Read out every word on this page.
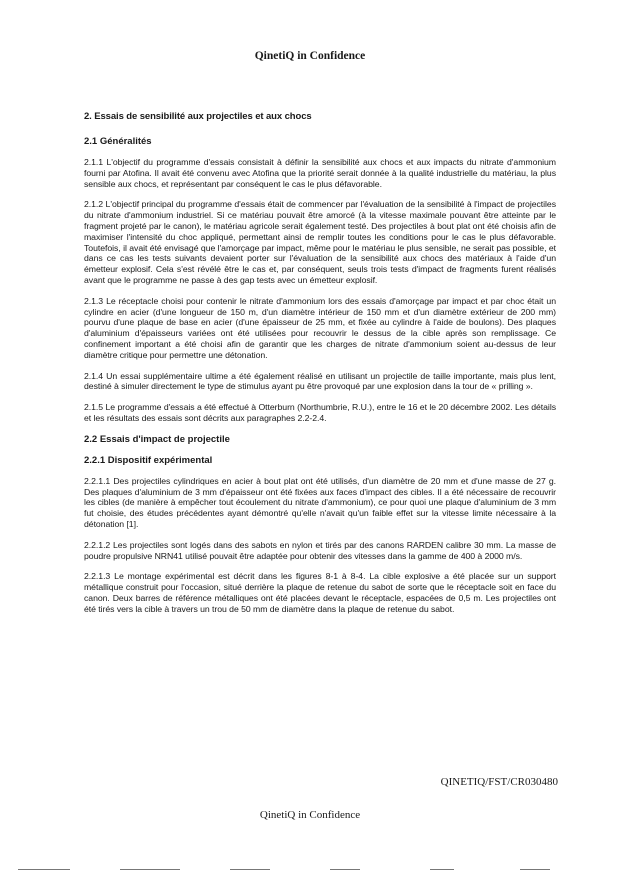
QinetiQ in Confidence
2. Essais de sensibilité aux projectiles et aux chocs
2.1 Généralités

2.1.1 L'objectif du programme d'essais consistait à définir la sensibilité aux chocs et aux impacts du nitrate d'ammonium fourni par Atofina. Il avait été convenu avec Atofina que la priorité serait donnée à la qualité industrielle du matériau, la plus sensible aux chocs, et représentant par conséquent le cas le plus défavorable.

2.1.2 L'objectif principal du programme d'essais était de commencer par l'évaluation de la sensibilité à l'impact de projectiles du nitrate d'ammonium industriel. Si ce matériau pouvait être amorcé (à la vitesse maximale pouvant être atteinte par le fragment projeté par le canon), le matériau agricole serait également testé. Des projectiles à bout plat ont été choisis afin de maximiser l'intensité du choc appliqué, permettant ainsi de remplir toutes les conditions pour le cas le plus défavorable. Toutefois, il avait été envisagé que l'amorçage par impact, même pour le matériau le plus sensible, ne serait pas possible, et dans ce cas les tests suivants devaient porter sur l'évaluation de la sensibilité aux chocs des matériaux à l'aide d'un émetteur explosif. Cela s'est révélé être le cas et, par conséquent, seuls trois tests d'impact de fragments furent réalisés avant que le programme ne passe à des gap tests avec un émetteur explosif.

2.1.3 Le réceptacle choisi pour contenir le nitrate d'ammonium lors des essais d'amorçage par impact et par choc était un cylindre en acier (d'une longueur de 150 m, d'un diamètre intérieur de 150 mm et d'un diamètre extérieur de 200 mm) pourvu d'une plaque de base en acier (d'une épaisseur de 25 mm, et fixée au cylindre à l'aide de boulons). Des plaques d'aluminium d'épaisseurs variées ont été utilisées pour recouvrir le dessus de la cible après son remplissage. Ce confinement important a été choisi afin de garantir que les charges de nitrate d'ammonium soient au-dessus de leur diamètre critique pour permettre une détonation.

2.1.4 Un essai supplémentaire ultime a été également réalisé en utilisant un projectile de taille importante, mais plus lent, destiné à simuler directement le type de stimulus ayant pu être provoqué par une explosion dans la tour de « prilling ».

2.1.5 Le programme d'essais a été effectué à Otterburn (Northumbrie, R.U.), entre le 16 et le 20 décembre 2002. Les détails et les résultats des essais sont décrits aux paragraphes 2.2-2.4.

2.2 Essais d'impact de projectile
2.2.1 Dispositif expérimental

2.2.1.1 Des projectiles cylindriques en acier à bout plat ont été utilisés, d'un diamètre de 20 mm et d'une masse de 27 g. Des plaques d'aluminium de 3 mm d'épaisseur ont été fixées aux faces d'impact des cibles. Il a été nécessaire de recouvrir les cibles (de manière à empêcher tout écoulement du nitrate d'ammonium), ce pour quoi une plaque d'aluminium de 3 mm fut choisie, des études précédentes ayant démontré qu'elle n'avait qu'un faible effet sur la vitesse limite nécessaire à la détonation [1].

2.2.1.2 Les projectiles sont logés dans des sabots en nylon et tirés par des canons RARDEN calibre 30 mm. La masse de poudre propulsive NRN41 utilisé pouvait être adaptée pour obtenir des vitesses dans la gamme de 400 à 2000 m/s.

2.2.1.3 Le montage expérimental est décrit dans les figures 8-1 à 8-4. La cible explosive a été placée sur un support métallique construit pour l'occasion, situé derrière la plaque de retenue du sabot de sorte que le réceptacle soit en face du canon. Deux barres de référence métalliques ont été placées devant le réceptacle, espacées de 0,5 m. Les projectiles ont été tirés vers la cible à travers un trou de 50 mm de diamètre dans la plaque de retenue du sabot.

QINETIQ/FST/CR030480
QinetiQ in Confidence
